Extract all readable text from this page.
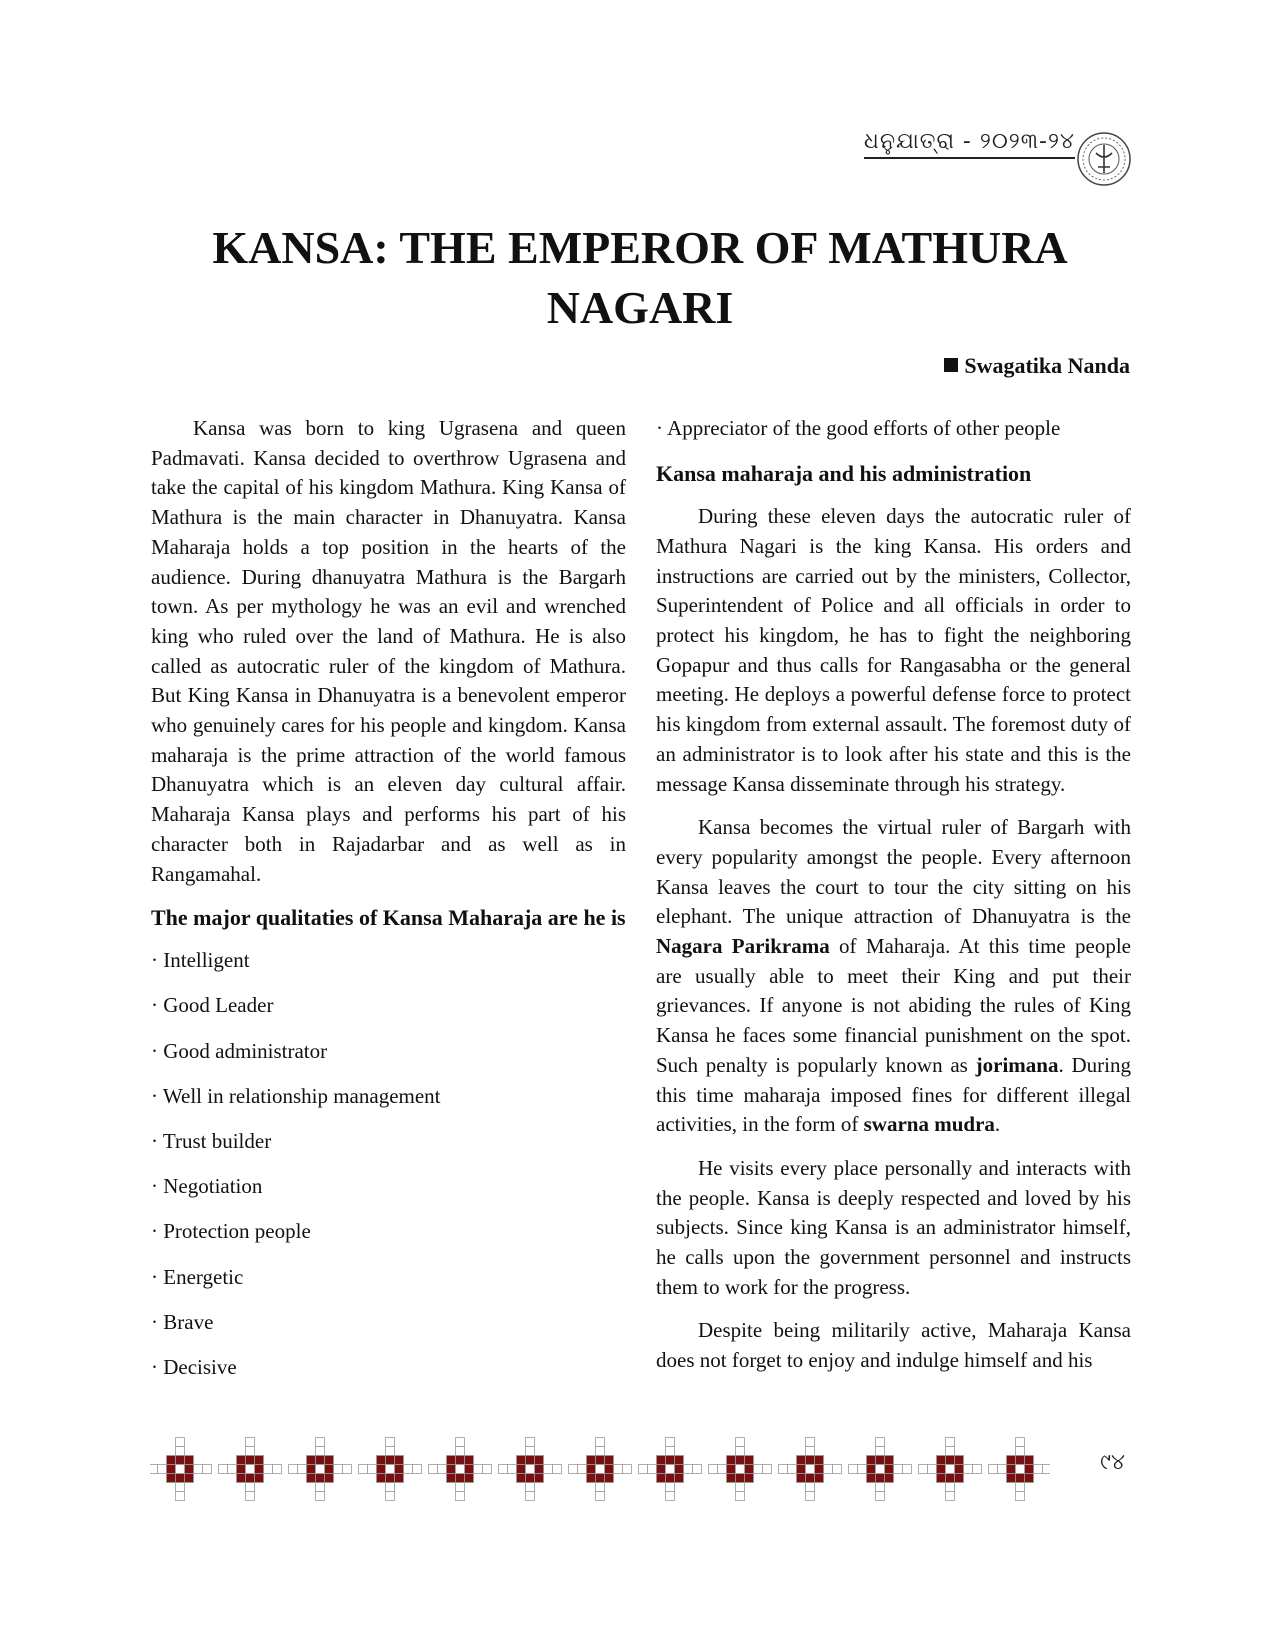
ଧନୁଯାତ୍ରା - ୨୦୨୩-୨୪
KANSA: THE EMPEROR OF MATHURA NAGARI
Swagatika Nanda

Kansa was born to king Ugrasena and queen Padmavati. Kansa decided to overthrow Ugrasena and take the capital of his kingdom Mathura. King Kansa of Mathura is the main character in Dhanuyatra. Kansa Maharaja holds a top position in the hearts of the audience. During dhanuyatra Mathura is the Bargarh town. As per mythology he was an evil and wrenched king who ruled over the land of Mathura. He is also called as autocratic ruler of the kingdom of Mathura. But King Kansa in Dhanuyatra is a benevolent emperor who genuinely cares for his people and kingdom. Kansa maharaja is the prime attraction of the world famous Dhanuyatra which is an eleven day cultural affair. Maharaja Kansa plays and performs his part of his character both in Rajadarbar and as well as in Rangamahal.

The major qualitaties of Kansa Maharaja are he is
· Intelligent
· Good Leader
· Good administrator
· Well in relationship management
· Trust builder
· Negotiation
· Protection people
· Energetic
· Brave
· Decisive
· Appreciator of the good efforts of other people
Kansa maharaja and his administration

During these eleven days the autocratic ruler of Mathura Nagari is the king Kansa. His orders and instructions are carried out by the ministers, Collector, Superintendent of Police and all officials in order to protect his kingdom, he has to fight the neighboring Gopapur and thus calls for Rangasabha or the general meeting. He deploys a powerful defense force to protect his kingdom from external assault. The foremost duty of an administrator is to look after his state and this is the message Kansa disseminate through his strategy.

Kansa becomes the virtual ruler of Bargarh with every popularity amongst the people. Every afternoon Kansa leaves the court to tour the city sitting on his elephant. The unique attraction of Dhanuyatra is the Nagara Parikrama of Maharaja. At this time people are usually able to meet their King and put their grievances. If anyone is not abiding the rules of King Kansa he faces some financial punishment on the spot. Such penalty is popularly known as jorimana. During this time maharaja imposed fines for different illegal activities, in the form of swarna mudra.

He visits every place personally and interacts with the people. Kansa is deeply respected and loved by his subjects. Since king Kansa is an administrator himself, he calls upon the government personnel and instructs them to work for the progress.

Despite being militarily active, Maharaja Kansa does not forget to enjoy and indulge himself and his

୯୪
